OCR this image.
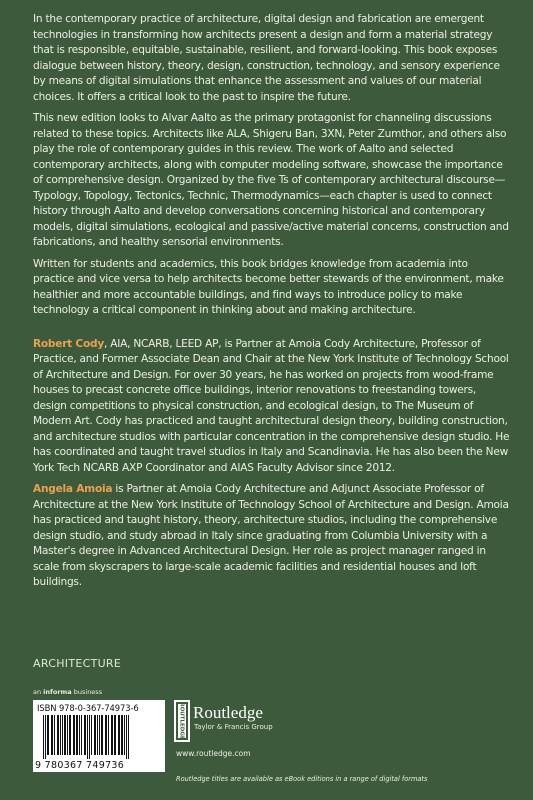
In the contemporary practice of architecture, digital design and fabrication are emergent technologies in transforming how architects present a design and form a material strategy that is responsible, equitable, sustainable, resilient, and forward-looking. This book exposes dialogue between history, theory, design, construction, technology, and sensory experience by means of digital simulations that enhance the assessment and values of our material choices. It offers a critical look to the past to inspire the future.

This new edition looks to Alvar Aalto as the primary protagonist for channeling discussions related to these topics. Architects like ALA, Shigeru Ban, 3XN, Peter Zumthor, and others also play the role of contemporary guides in this review. The work of Aalto and selected contemporary architects, along with computer modeling software, showcase the importance of comprehensive design. Organized by the five Ts of contemporary architectural discourse—Typology, Topology, Tectonics, Technic, Thermodynamics—each chapter is used to connect history through Aalto and develop conversations concerning historical and contemporary models, digital simulations, ecological and passive/active material concerns, construction and fabrications, and healthy sensorial environments.

Written for students and academics, this book bridges knowledge from academia into practice and vice versa to help architects become better stewards of the environment, make healthier and more accountable buildings, and find ways to introduce policy to make technology a critical component in thinking about and making architecture.

Robert Cody, AIA, NCARB, LEED AP, is Partner at Amoia Cody Architecture, Professor of Practice, and Former Associate Dean and Chair at the New York Institute of Technology School of Architecture and Design. For over 30 years, he has worked on projects from wood-frame houses to precast concrete office buildings, interior renovations to freestanding towers, design competitions to physical construction, and ecological design, to The Museum of Modern Art. Cody has practiced and taught architectural design theory, building construction, and architecture studios with particular concentration in the comprehensive design studio. He has coordinated and taught travel studios in Italy and Scandinavia. He has also been the New York Tech NCARB AXP Coordinator and AIAS Faculty Advisor since 2012.

Angela Amoia is Partner at Amoia Cody Architecture and Adjunct Associate Professor of Architecture at the New York Institute of Technology School of Architecture and Design. Amoia has practiced and taught history, theory, architecture studios, including the comprehensive design studio, and study abroad in Italy since graduating from Columbia University with a Master's degree in Advanced Architectural Design. Her role as project manager ranged in scale from skyscrapers to large-scale academic facilities and residential houses and loft buildings.

ARCHITECTURE
an informa business
ISBN 978-0-367-74973-6
9 780367 749736
ROUTLEDGE Routledge
Taylor & Francis Group
www.routledge.com
Routledge titles are available as eBook editions in a range of digital formats
